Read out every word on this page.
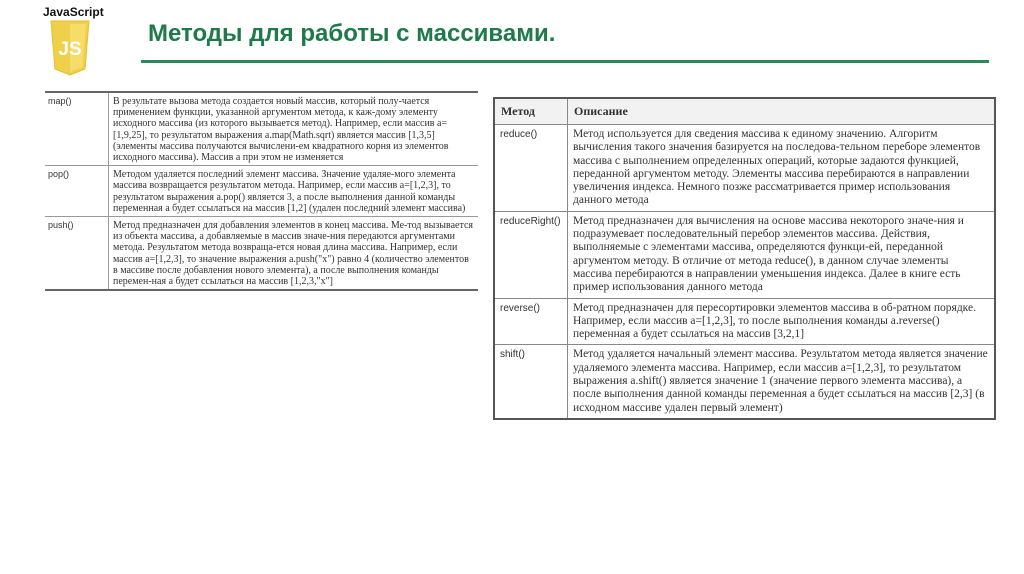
JavaScript
JS
Методы для работы с массивами.
map()	В результате вызова метода создается новый массив, который полу-чается применением функции, указанной аргументом метода, к каж-дому элементу исходного массива (из которого вызывается метод). Например, если массив a=[1,9,25], то результатом выражения a.map(Math.sqrt) является массив [1,3,5] (элементы массива получаются вычислени-ем квадратного корня из элементов исходного массива). Массив a при этом не изменяется
pop()	Методом удаляется последний элемент массива. Значение удаляе-мого элемента массива возвращается результатом метода. Например, если массив a=[1,2,3], то результатом выражения a.pop() является 3, а после выполнения данной команды переменная a будет ссылаться на массив [1,2] (удален последний элемент массива)
push()	Метод предназначен для добавления элементов в конец массива. Ме-тод вызывается из объекта массива, а добавляемые в массив значе-ния передаются аргументами метода. Результатом метода возвраща-ется новая длина массива. Например, если массив a=[1,2,3], то значение выражения a.push("x") равно 4 (количество элементов в массиве после добавления нового элемента), а после выполнения команды перемен-ная a будет ссылаться на массив [1,2,3,"x"]
Метод	Описание
reduce()	Метод используется для сведения массива к единому значению. Алгоритм вычисления такого значения базируется на последова-тельном переборе элементов массива с выполнением определенных операций, которые задаются функцией, переданной аргументом методу. Элементы массива перебираются в направлении увеличения индекса. Немного позже рассматривается пример использования данного метода
reduceRight()	Метод предназначен для вычисления на основе массива некоторого значе-ния и подразумевает последовательный перебор элементов массива. Действия, выполняемые с элементами массива, определяются функци-ей, переданной аргументом методу. В отличие от метода reduce(), в данном случае элементы массива перебираются в направлении уменьшения индекса. Далее в книге есть пример использования данного метода
reverse()	Метод предназначен для пересортировки элементов массива в об-ратном порядке. Например, если массив a=[1,2,3], то после выполнения команды a.reverse() переменная a будет ссылаться на массив [3,2,1]
shift()	Метод удаляется начальный элемент массива. Результатом метода является значение удаляемого элемента массива. Например, если массив a=[1,2,3], то результатом выражения a.shift() является значение 1 (значение первого элемента массива), а после выполнения данной команды переменная a будет ссылаться на массив [2,3] (в исходном массиве удален первый элемент)
